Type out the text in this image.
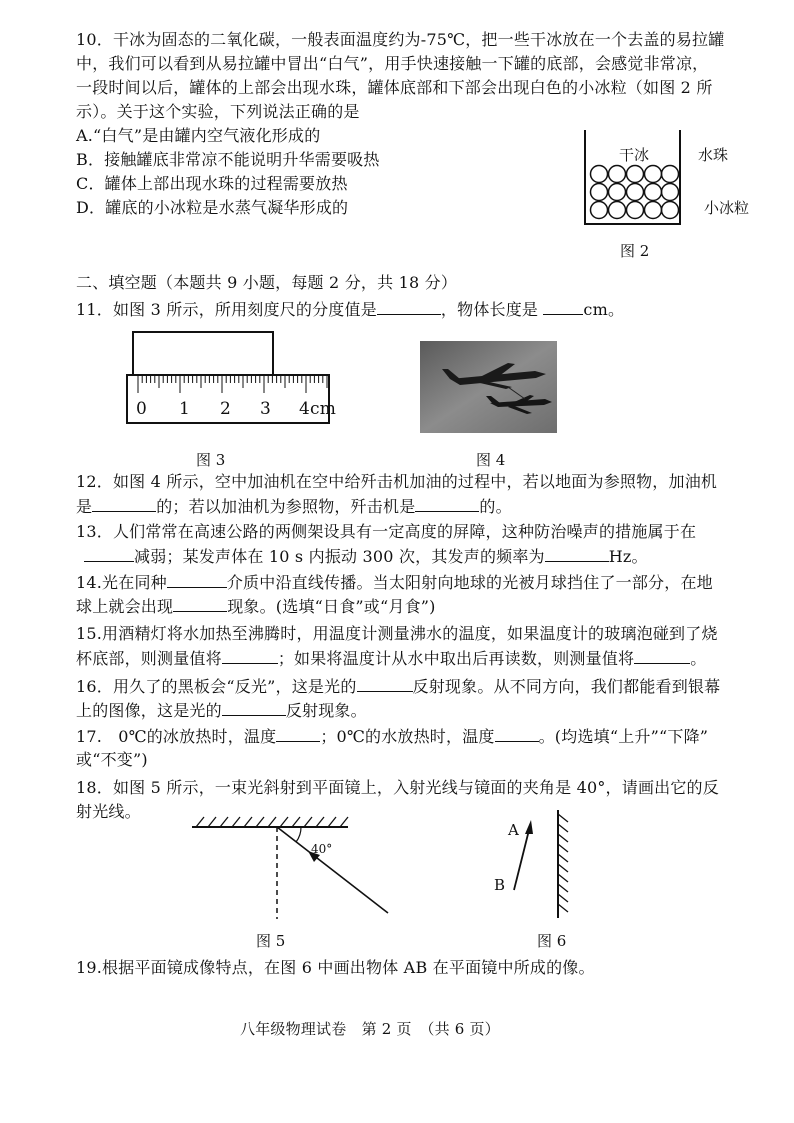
10．干冰为固态的二氧化碳，一般表面温度约为-75℃，把一些干冰放在一个去盖的易拉罐
中，我们可以看到从易拉罐中冒出“白气”，用手快速接触一下罐的底部，会感觉非常凉，
一段时间以后，罐体的上部会出现水珠，罐体底部和下部会出现白色的小冰粒（如图 2 所
示）。关于这个实验，下列说法正确的是
A.“白气”是由罐内空气液化形成的
B．接触罐底非常凉不能说明升华需要吸热
C．罐体上部出现水珠的过程需要放热
D．罐底的小冰粒是水蒸气凝华形成的
干冰	水珠
小冰粒
图 2
二、填空题（本题共 9 小题，每题 2 分，共 18 分）
11．如图 3 所示，所用刻度尺的分度值是	，物体长度是	cm。
0 1 2 3 4cm
图 3	图 4
12．如图 4 所示，空中加油机在空中给歼击机加油的过程中，若以地面为参照物，加油机
是	的；若以加油机为参照物，歼击机是	的。
13．人们常常在高速公路的两侧架设具有一定高度的屏障，这种防治噪声的措施属于在
减弱；某发声体在 10 s 内振动 300 次，其发声的频率为	Hz。
14.光在同种	介质中沿直线传播。当太阳射向地球的光被月球挡住了一部分，在地
球上就会出现	现象。(选填“日食”或“月食”)
15.用酒精灯将水加热至沸腾时，用温度计测量沸水的温度，如果温度计的玻璃泡碰到了烧
杯底部，则测量值将	；如果将温度计从水中取出后再读数，则测量值将	。
16．用久了的黑板会“反光”，这是光的	反射现象。从不同方向，我们都能看到银幕
上的图像，这是光的	反射现象。
17.　0℃的冰放热时，温度	；0℃的水放热时，温度	。(均选填“上升”“下降”
或“不变”)
18．如图 5 所示，一束光斜射到平面镜上，入射光线与镜面的夹角是 40°，请画出它的反
射光线。
40°
图 5
A
B
图 6
19.根据平面镜成像特点，在图 6 中画出物体 AB 在平面镜中所成的像。
八年级物理试卷　第 2 页　（共 6 页）
